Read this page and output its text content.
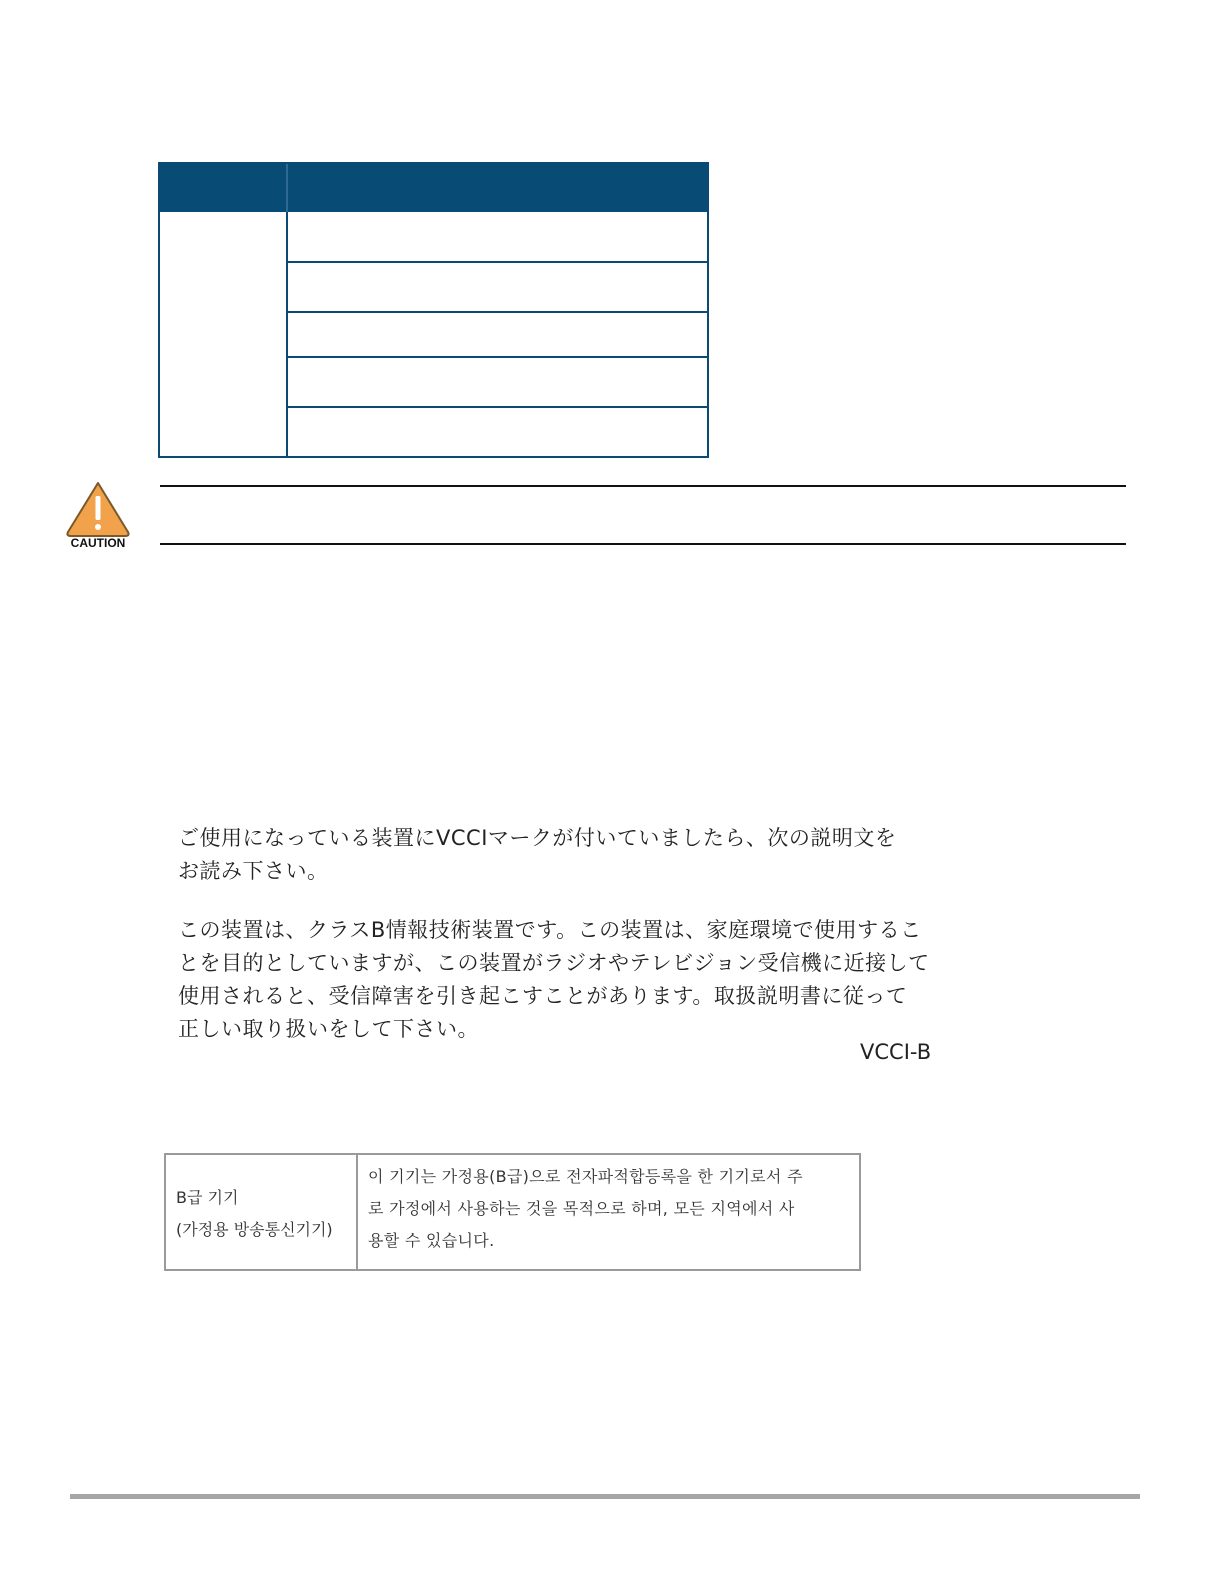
CAUTION
ご使用になっている装置にVCCIマークが付いていましたら、次の説明文を
お読み下さい。
この装置は、クラスB情報技術装置です。この装置は、家庭環境で使用するこ
とを目的としていますが、この装置がラジオやテレビジョン受信機に近接して
使用されると、受信障害を引き起こすことがあります。取扱説明書に従って
正しい取り扱いをして下さい。
VCCI-B
B급 기기
(가정용 방송통신기기)
이 기기는 가정용(B급)으로 전자파적합등록을 한 기기로서 주
로 가정에서 사용하는 것을 목적으로 하며, 모든 지역에서 사
용할 수 있습니다.
